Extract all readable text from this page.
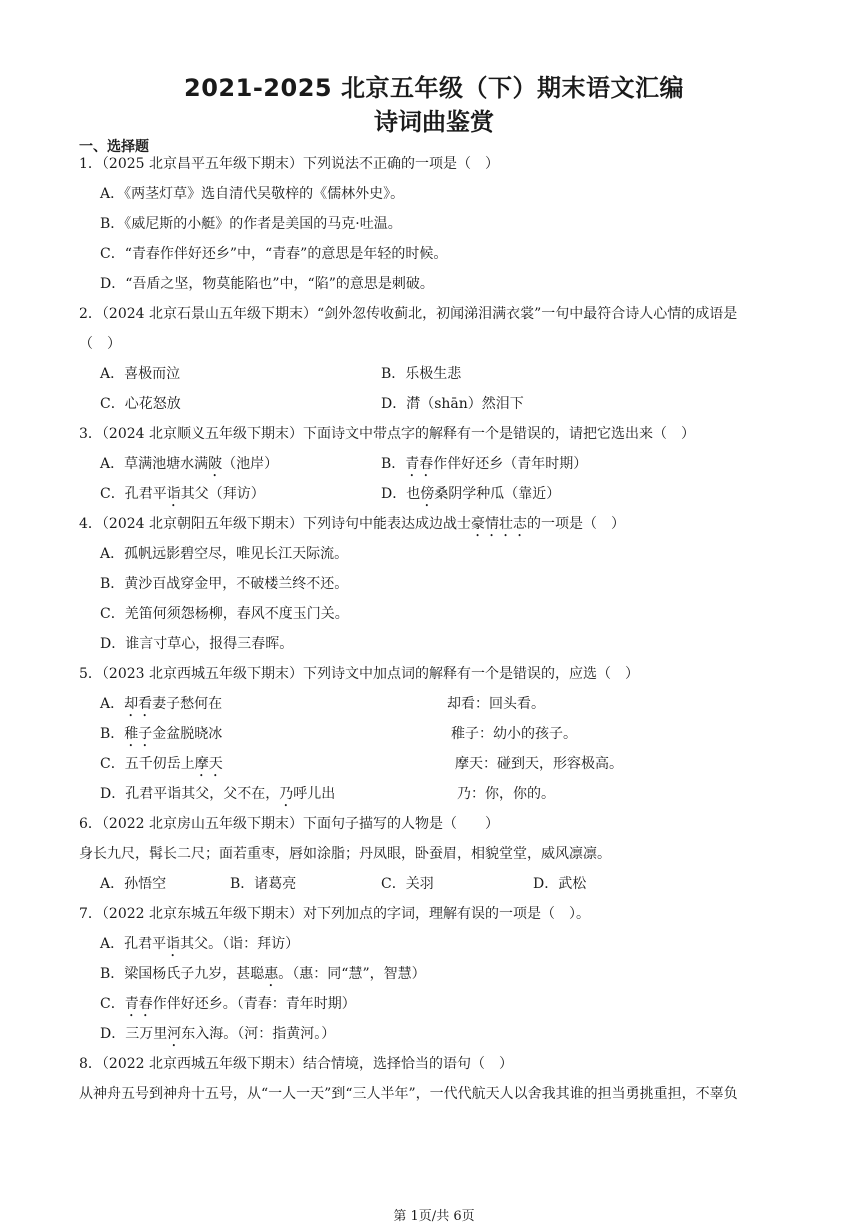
2021-2025 北京五年级（下）期末语文汇编
诗词曲鉴赏
一、选择题
1．（2025 北京昌平五年级下期末）下列说法不正确的一项是（　）
A．《两茎灯草》选自清代吴敬梓的《儒林外史》。
B．《威尼斯的小艇》的作者是美国的马克·吐温。
C．“青春作伴好还乡”中，“青春”的意思是年轻的时候。
D．“吾盾之坚，物莫能陷也”中，“陷”的意思是刺破。
2．（2024 北京石景山五年级下期末）“剑外忽传收蓟北，初闻涕泪满衣裳”一句中最符合诗人心情的成语是
（　）
A．喜极而泣	B．乐极生悲
C．心花怒放	D．潸（shān）然泪下
3．（2024 北京顺义五年级下期末）下面诗文中带点字的解释有一个是错误的，请把它选出来（　）
A．草满池塘水满陂（池岸）	B．青春作伴好还乡（青年时期）
C．孔君平诣其父（拜访）	D．也傍桑阴学种瓜（靠近）
4．（2024 北京朝阳五年级下期末）下列诗句中能表达成边战士豪情壮志的一项是（　）
A．孤帆远影碧空尽，唯见长江天际流。
B．黄沙百战穿金甲，不破楼兰终不还。
C．羌笛何须怨杨柳，春风不度玉门关。
D．谁言寸草心，报得三春晖。
5．（2023 北京西城五年级下期末）下列诗文中加点词的解释有一个是错误的，应选（　）
A．却看妻子愁何在	却看：回头看。
B．稚子金盆脱晓冰	稚子：幼小的孩子。
C．五千仞岳上摩天	摩天：碰到天，形容极高。
D．孔君平诣其父，父不在，乃呼儿出	乃：你，你的。
6．（2022 北京房山五年级下期末）下面句子描写的人物是（　　）
身长九尺，髯长二尺；面若重枣，唇如涂脂；丹凤眼，卧蚕眉，相貌堂堂，威风凛凛。
A．孙悟空	B．诸葛亮	C．关羽	D．武松
7．（2022 北京东城五年级下期末）对下列加点的字词，理解有误的一项是（　）。
A．孔君平诣其父。（诣：拜访）
B．梁国杨氏子九岁，甚聪惠。（惠：同“慧”，智慧）
C．青春作伴好还乡。（青春：青年时期）
D．三万里河东入海。（河：指黄河。）
8．（2022 北京西城五年级下期末）结合情境，选择恰当的语句（　）
从神舟五号到神舟十五号，从“一人一天”到“三人半年”，一代代航天人以舍我其谁的担当勇挑重担，不辜负
第 1页/共 6页
